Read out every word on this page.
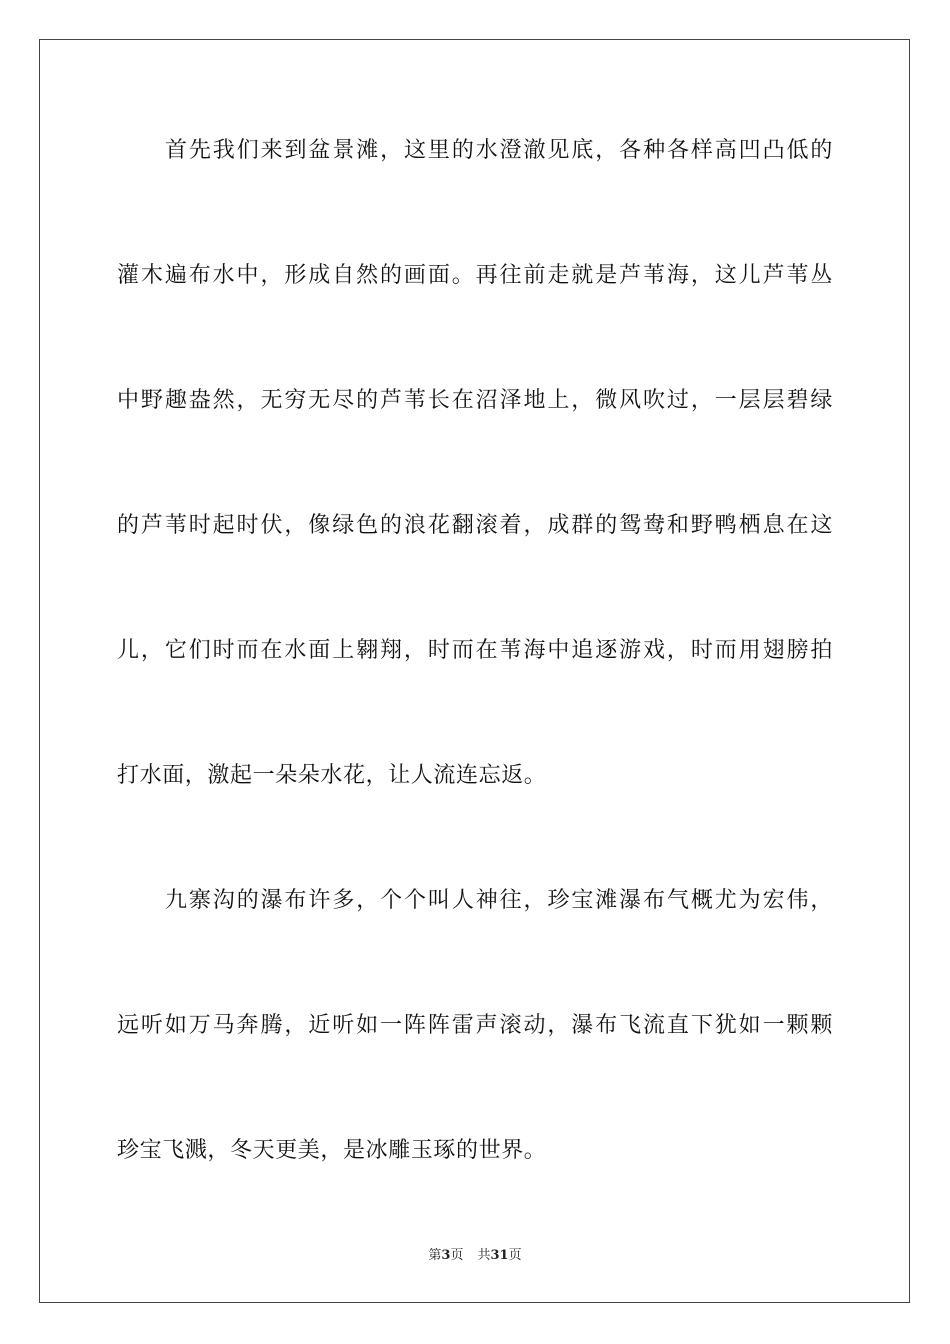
首先我们来到盆景滩，这里的水澄澈见底，各种各样高凹凸低的
灌木遍布水中，形成自然的画面。再往前走就是芦苇海，这儿芦苇丛
中野趣盎然，无穷无尽的芦苇长在沼泽地上，微风吹过，一层层碧绿
的芦苇时起时伏，像绿色的浪花翻滚着，成群的鸳鸯和野鸭栖息在这
儿，它们时而在水面上翱翔，时而在苇海中追逐游戏，时而用翅膀拍
打水面，激起一朵朵水花，让人流连忘返。
九寨沟的瀑布许多，个个叫人神往，珍宝滩瀑布气概尤为宏伟，
远听如万马奔腾，近听如一阵阵雷声滚动，瀑布飞流直下犹如一颗颗
珍宝飞溅，冬天更美，是冰雕玉琢的世界。
第3页 共31页
